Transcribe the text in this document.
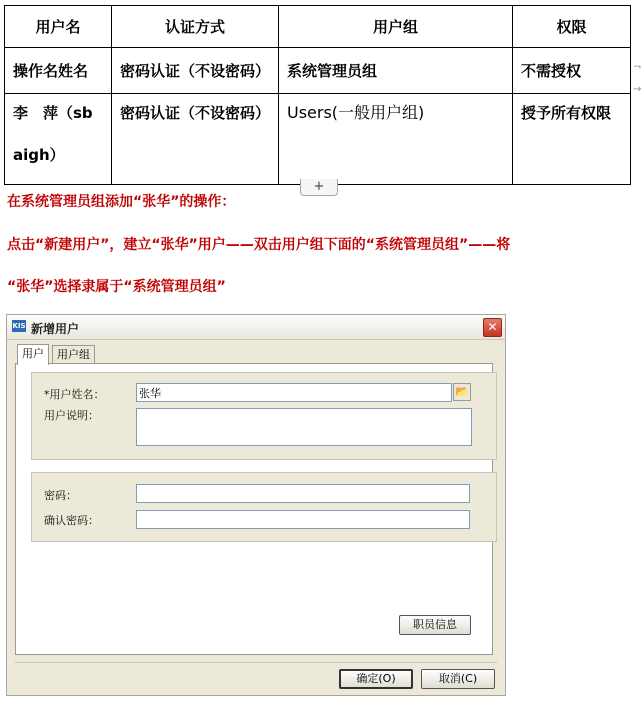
用户名	认证方式	用户组	权限
操作名姓名	密码认证（不设密码）	系统管理员组	不需授权

李　萍（sb
aigh）	密码认证（不设密码）	Users(一般用户组)	授予所有权限
¬
→
+
在系统管理员组添加“张华”的操作：
点击“新建用户”，建立“张华”用户——双击用户组下面的“系统管理员组”——将
“张华”选择隶属于“系统管理员组”
KIS 新增用户	✕
用户	用户组
*用户姓名：	张华	📂
用户说明：
密码：
确认密码：
职员信息
确定(O)	取消(C)
